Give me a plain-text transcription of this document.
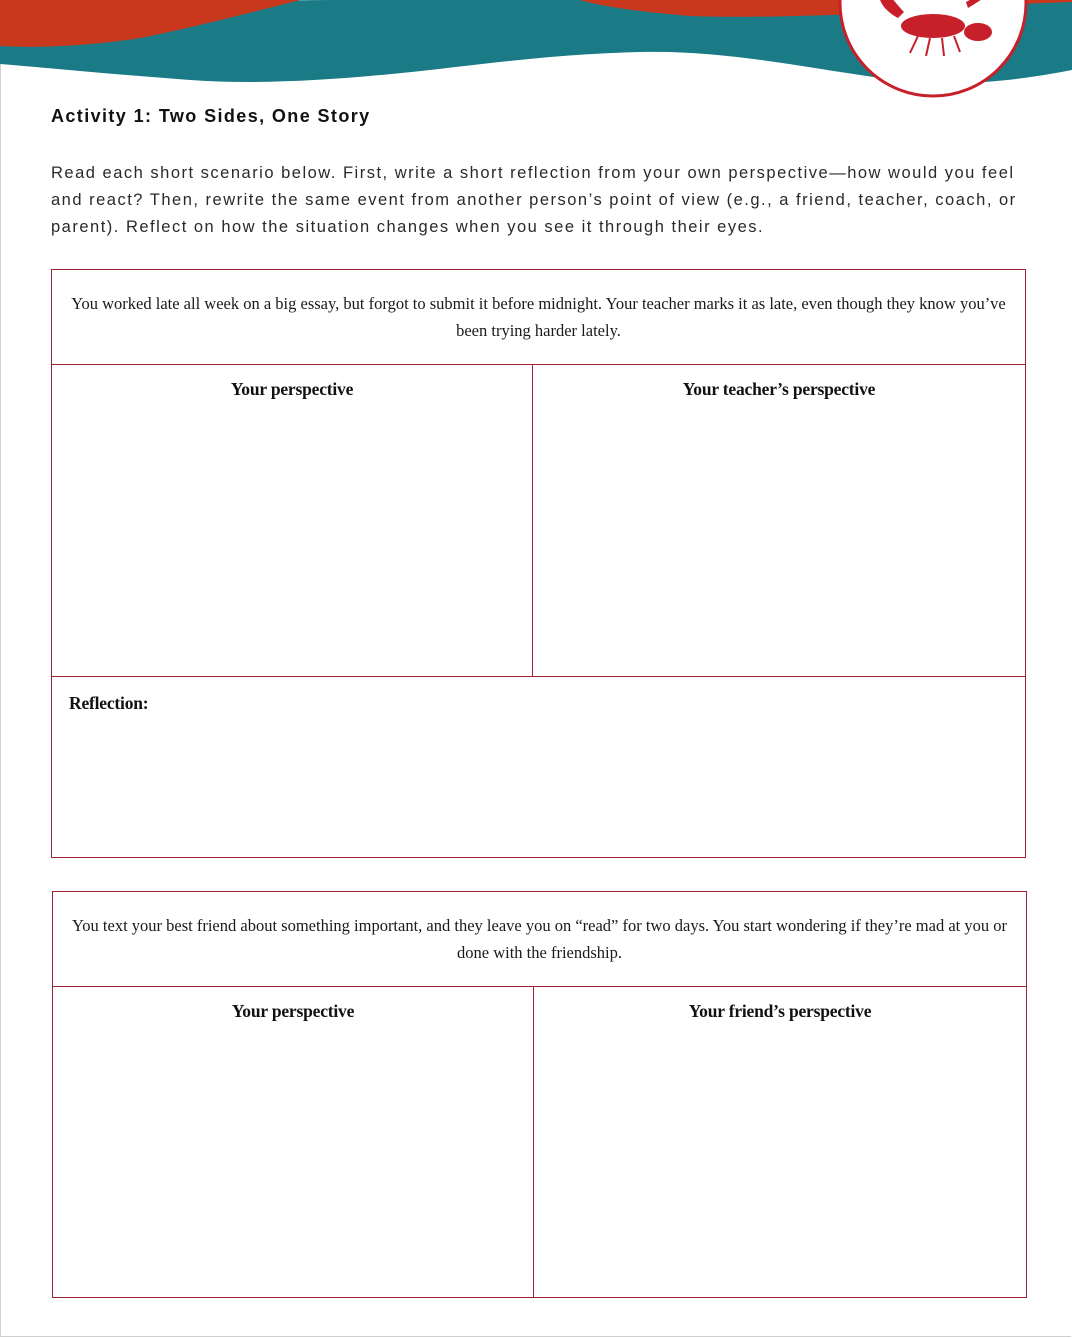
Activity 1: Two Sides, One Story

Read each short scenario below. First, write a short reflection from your own perspective—how would you feel and react? Then, rewrite the same event from another person’s point of view (e.g., a friend, teacher, coach, or parent). Reflect on how the situation changes when you see it through their eyes.

You worked late all week on a big essay, but forgot to submit it before midnight. Your teacher marks it as late, even though they know you’ve been trying harder lately.
Your perspective	Your teacher’s perspective
Reflection:
You text your best friend about something important, and they leave you on “read” for two days. You start wondering if they’re mad at you or done with the friendship.
Your perspective	Your friend’s perspective
